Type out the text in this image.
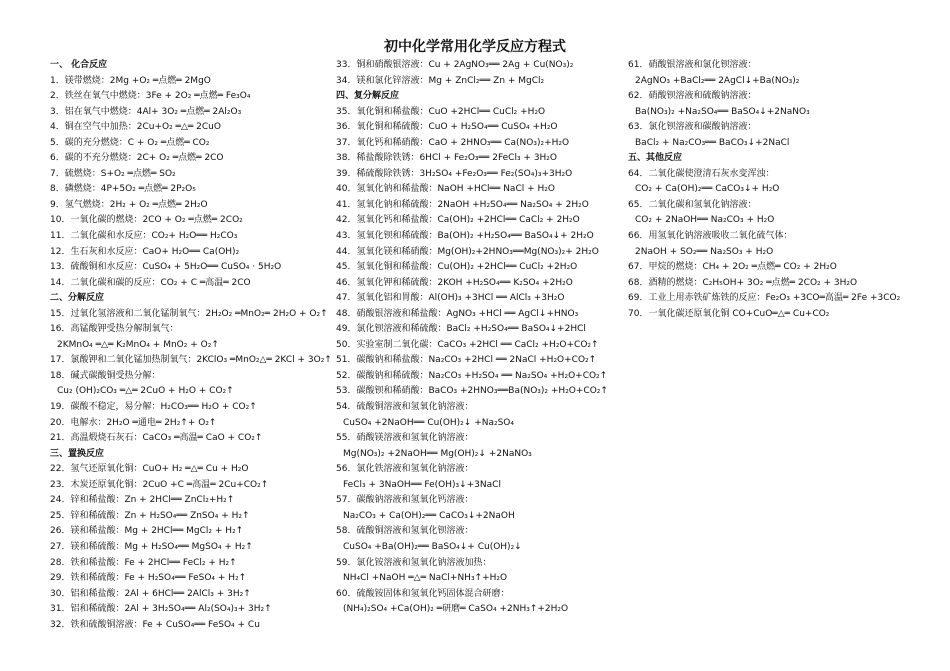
初中化学常用化学反应方程式
一、 化合反应
1．镁带燃烧：2Mg +O₂ ═点燃═ 2MgO
2．铁丝在氧气中燃烧：3Fe + 2O₂ ═点燃═ Fe₃O₄
3．铝在氧气中燃烧：4Al+ 3O₂ ═点燃═ 2Al₂O₃
4．铜在空气中加热：2Cu+O₂ ═△═ 2CuO
5．碳的充分燃烧：C + O₂ ═点燃═ CO₂
6．碳的不充分燃烧：2C+ O₂ ═点燃═ 2CO
7．硫燃烧：S+O₂ ═点燃═ SO₂
8．磷燃烧：4P+5O₂ ═点燃═ 2P₂O₅
9．氢气燃烧：2H₂ + O₂ ═点燃═ 2H₂O
10．一氧化碳的燃烧：2CO + O₂ ═点燃═ 2CO₂
11．二氧化碳和水反应：CO₂+ H₂O══ H₂CO₃
12．生石灰和水反应：CaO+ H₂O══ Ca(OH)₂
13．硫酸铜和水反应：CuSO₄ + 5H₂O══ CuSO₄ · 5H₂O
14．二氧化碳和碳的反应：CO₂ + C ═高温═ 2CO
二、分解反应
15．过氧化氢溶液和二氧化锰制氧气：2H₂O₂ ═MnO₂═ 2H₂O + O₂↑
16．高锰酸钾受热分解制氧气：
2KMnO₄ ═△═ K₂MnO₄ + MnO₂ + O₂↑
17．氯酸钾和二氧化锰加热制氧气：2KClO₃ ═MnO₂△═ 2KCl + 3O₂↑
18．碱式碳酸铜受热分解：
Cu₂ (OH)₂CO₃ ═△═ 2CuO + H₂O + CO₂↑
19．碳酸不稳定，易分解：H₂CO₃══ H₂O + CO₂↑
20．电解水：2H₂O ═通电═ 2H₂↑+ O₂↑
21．高温煅烧石灰石：CaCO₃ ═高温═ CaO + CO₂↑
三、置换反应
22．氢气还原氧化铜：CuO+ H₂ ═△═ Cu + H₂O
23．木炭还原氧化铜：2CuO +C ═高温═ 2Cu+CO₂↑
24．锌和稀盐酸：Zn + 2HCl══ ZnCl₂+H₂↑
25．锌和稀硫酸：Zn + H₂SO₄══ ZnSO₄ + H₂↑
26．镁和稀盐酸：Mg + 2HCl══ MgCl₂ + H₂↑
27．镁和稀硫酸：Mg + H₂SO₄══ MgSO₄ + H₂↑
28．铁和稀盐酸：Fe + 2HCl══ FeCl₂ + H₂↑
29．铁和稀硫酸：Fe + H₂SO₄══ FeSO₄ + H₂↑
30．铝和稀盐酸：2Al + 6HCl══ 2AlCl₃ + 3H₂↑
31．铝和稀硫酸：2Al + 3H₂SO₄══ Al₂(SO₄)₃+ 3H₂↑
32．铁和硫酸铜溶液：Fe + CuSO₄══ FeSO₄ + Cu
33．铜和硝酸银溶液：Cu + 2AgNO₃══ 2Ag + Cu(NO₃)₂
34．镁和氯化锌溶液：Mg + ZnCl₂══ Zn + MgCl₂
四、复分解反应
35．氧化铜和稀盐酸：CuO +2HCl══ CuCl₂ +H₂O
36．氧化铜和稀硫酸：CuO + H₂SO₄══ CuSO₄ +H₂O
37．氧化钙和稀硝酸：CaO + 2HNO₃══ Ca(NO₃)₂+H₂O
38．稀盐酸除铁锈：6HCl + Fe₂O₃══ 2FeCl₃ + 3H₂O
39．稀硫酸除铁锈：3H₂SO₄ +Fe₂O₃══ Fe₂(SO₄)₃+3H₂O
40．氢氧化钠和稀盐酸：NaOH +HCl══ NaCl + H₂O
41．氢氧化钠和稀硫酸：2NaOH +H₂SO₄══ Na₂SO₄ + 2H₂O
42．氢氧化钙和稀盐酸：Ca(OH)₂ +2HCl══ CaCl₂ + 2H₂O
43．氢氧化钡和稀硫酸：Ba(OH)₂ +H₂SO₄══ BaSO₄↓+ 2H₂O
44．氢氧化镁和稀硝酸：Mg(OH)₂+2HNO₃══Mg(NO₃)₂+ 2H₂O
45．氢氧化铜和稀盐酸：Cu(OH)₂ +2HCl══ CuCl₂ +2H₂O
46．氢氧化钾和稀硫酸：2KOH +H₂SO₄══ K₂SO₄ +2H₂O
47．氢氧化铝和胃酸：Al(OH)₃ +3HCl ══ AlCl₃ +3H₂O
48．硝酸银溶液和稀盐酸：AgNO₃ +HCl ══ AgCl↓+HNO₃
49．氯化钡溶液和稀硫酸：BaCl₂ +H₂SO₄══ BaSO₄↓+2HCl
50．实验室制二氧化碳：CaCO₃ +2HCl ══ CaCl₂ +H₂O+CO₂↑
51．碳酸钠和稀盐酸：Na₂CO₃ +2HCl ══ 2NaCl +H₂O+CO₂↑
52．碳酸钠和稀硫酸：Na₂CO₃ +H₂SO₄ ══ Na₂SO₄ +H₂O+CO₂↑
53．碳酸钡和稀硝酸：BaCO₃ +2HNO₃══Ba(NO₃)₂ +H₂O+CO₂↑
54．硫酸铜溶液和氢氧化钠溶液：
CuSO₄ +2NaOH══ Cu(OH)₂↓ +Na₂SO₄
55．硝酸镁溶液和氢氧化钠溶液：
Mg(NO₃)₂ +2NaOH══ Mg(OH)₂↓ +2NaNO₃
56．氯化铁溶液和氢氧化钠溶液：
FeCl₃ + 3NaOH══ Fe(OH)₃↓+3NaCl
57．碳酸钠溶液和氢氧化钙溶液：
Na₂CO₃ + Ca(OH)₂══ CaCO₃↓+2NaOH
58．硫酸铜溶液和氢氧化钡溶液：
CuSO₄ +Ba(OH)₂══ BaSO₄↓+ Cu(OH)₂↓
59．氯化铵溶液和氢氧化钠溶液加热：
NH₄Cl +NaOH ═△═ NaCl+NH₃↑+H₂O
60．硫酸铵固体和氢氧化钙固体混合研磨：
(NH₄)₂SO₄ +Ca(OH)₂ ═研磨═ CaSO₄ +2NH₃↑+2H₂O
61．硝酸银溶液和氯化钡溶液：
2AgNO₃ +BaCl₂══ 2AgCl↓+Ba(NO₃)₂
62．硝酸钡溶液和硫酸钠溶液：
Ba(NO₃)₂ +Na₂SO₄══ BaSO₄↓+2NaNO₃
63．氯化钡溶液和碳酸钠溶液：
BaCl₂ + Na₂CO₃══ BaCO₃↓+2NaCl
五、其他反应
64．二氧化碳使澄清石灰水变浑浊：
CO₂ + Ca(OH)₂══ CaCO₃↓+ H₂O
65．二氧化碳和氢氧化钠溶液：
CO₂ + 2NaOH══ Na₂CO₃ + H₂O
66．用氢氧化钠溶液吸收二氧化硫气体：
2NaOH + SO₂══ Na₂SO₃ + H₂O
67．甲烷的燃烧：CH₄ + 2O₂ ═点燃═ CO₂ + 2H₂O
68．酒精的燃烧：C₂H₅OH+ 3O₂ ═点燃═ 2CO₂ + 3H₂O
69．工业上用赤铁矿炼铁的反应：Fe₂O₃ +3CO═高温═ 2Fe +3CO₂
70．一氧化碳还原氧化铜 CO+CuO═△═ Cu+CO₂
